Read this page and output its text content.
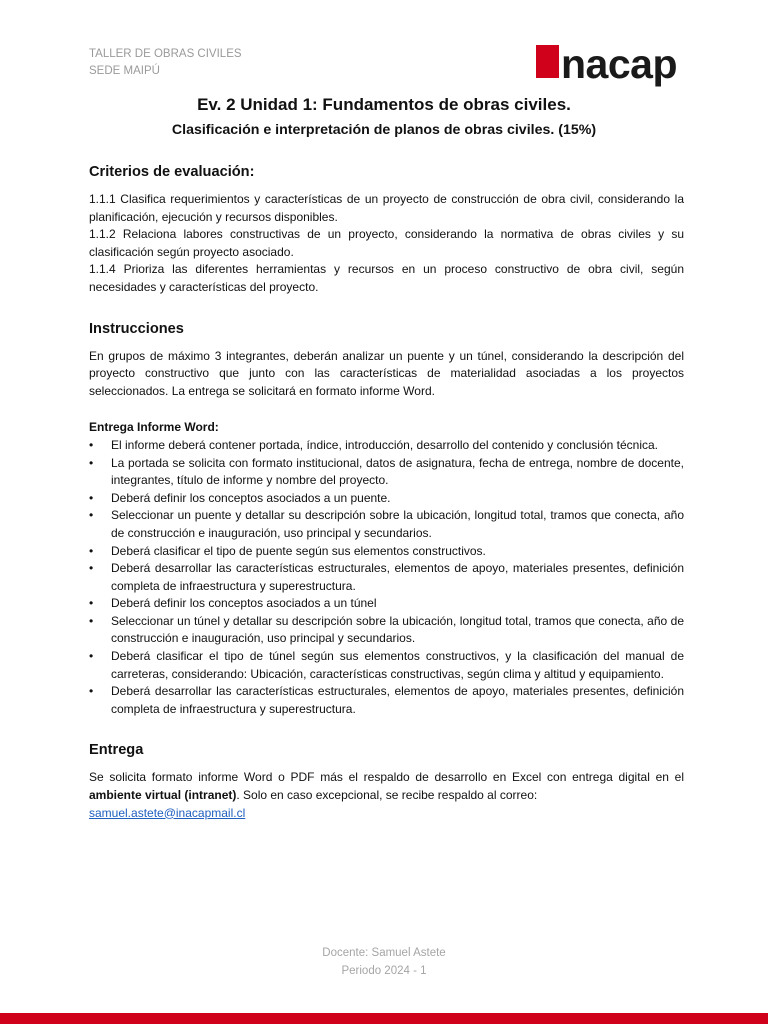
TALLER DE OBRAS CIVILES
SEDE MAIPÚ	nacap
Ev. 2 Unidad 1: Fundamentos de obras civiles.
Clasificación e interpretación de planos de obras civiles. (15%)
Criterios de evaluación:

1.1.1 Clasifica requerimientos y características de un proyecto de construcción de obra civil, considerando la planificación, ejecución y recursos disponibles.

1.1.2 Relaciona labores constructivas de un proyecto, considerando la normativa de obras civiles y su clasificación según proyecto asociado.

1.1.4 Prioriza las diferentes herramientas y recursos en un proceso constructivo de obra civil, según necesidades y características del proyecto.

Instrucciones

En grupos de máximo 3 integrantes, deberán analizar un puente y un túnel, considerando la descripción del proyecto constructivo que junto con las características de materialidad asociadas a los proyectos seleccionados. La entrega se solicitará en formato informe Word.

Entrega Informe Word:
• El informe deberá contener portada, índice, introducción, desarrollo del contenido y conclusión técnica.
• La portada se solicita con formato institucional, datos de asignatura, fecha de entrega, nombre de docente, integrantes, título de informe y nombre del proyecto.
• Deberá definir los conceptos asociados a un puente.
• Seleccionar un puente y detallar su descripción sobre la ubicación, longitud total, tramos que conecta, año de construcción e inauguración, uso principal y secundarios.
• Deberá clasificar el tipo de puente según sus elementos constructivos.
• Deberá desarrollar las características estructurales, elementos de apoyo, materiales presentes, definición completa de infraestructura y superestructura.
• Deberá definir los conceptos asociados a un túnel
• Seleccionar un túnel y detallar su descripción sobre la ubicación, longitud total, tramos que conecta, año de construcción e inauguración, uso principal y secundarios.
• Deberá clasificar el tipo de túnel según sus elementos constructivos, y la clasificación del manual de carreteras, considerando: Ubicación, características constructivas, según clima y altitud y equipamiento.
• Deberá desarrollar las características estructurales, elementos de apoyo, materiales presentes, definición completa de infraestructura y superestructura.
Entrega

Se solicita formato informe Word o PDF más el respaldo de desarrollo en Excel con entrega digital en el ambiente virtual (intranet). Solo en caso excepcional, se recibe respaldo al correo:

samuel.astete@inacapmail.cl
Docente: Samuel Astete
Periodo 2024 - 1
